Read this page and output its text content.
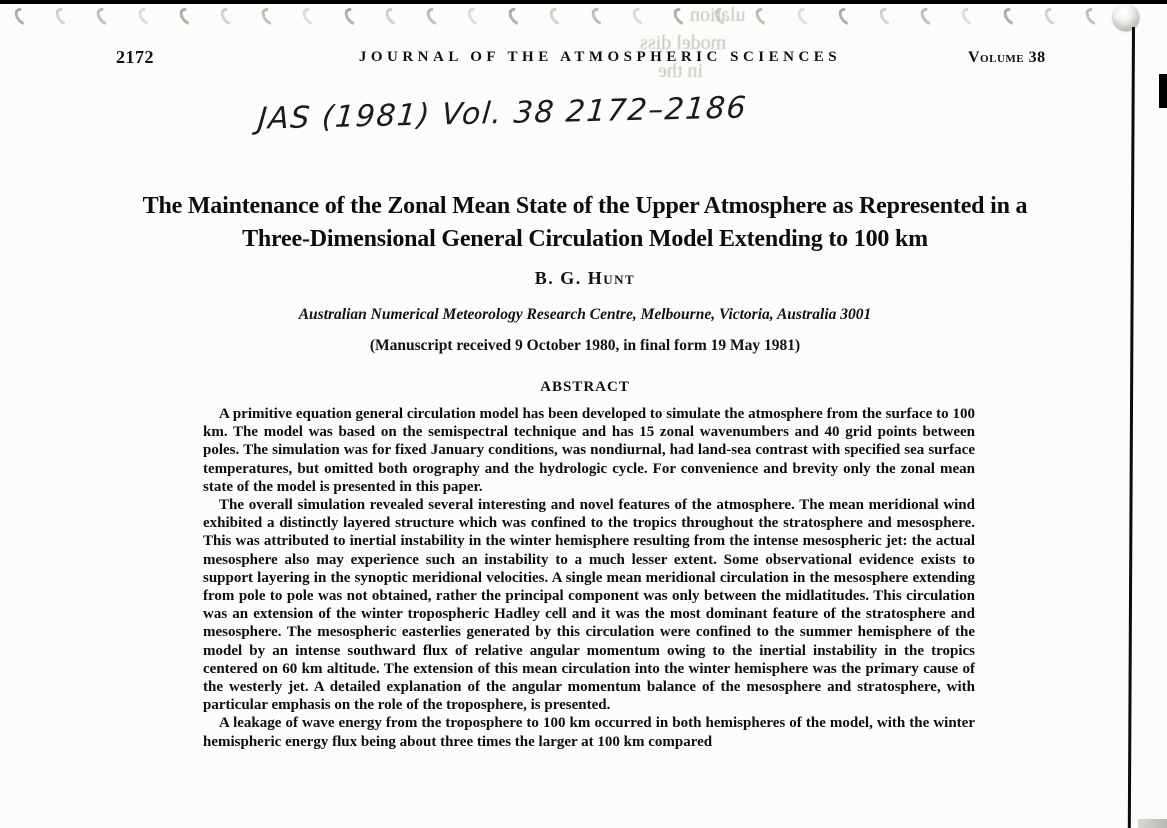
ulation
model diss
in the
2172	JOURNAL OF THE ATMOSPHERIC SCIENCES	Volume 38
JAS (1981) Vol. 38 2172–2186
The Maintenance of the Zonal Mean State of the Upper Atmosphere as Represented in a
Three-Dimensional General Circulation Model Extending to 100 km
B. G. Hunt
Australian Numerical Meteorology Research Centre, Melbourne, Victoria, Australia 3001
(Manuscript received 9 October 1980, in final form 19 May 1981)
ABSTRACT

A primitive equation general circulation model has been developed to simulate the atmosphere from the surface to 100 km. The model was based on the semispectral technique and has 15 zonal wavenumbers and 40 grid points between poles. The simulation was for fixed January conditions, was nondiurnal, had land-sea contrast with specified sea surface temperatures, but omitted both orography and the hydrologic cycle. For convenience and brevity only the zonal mean state of the model is presented in this paper.

The overall simulation revealed several interesting and novel features of the atmosphere. The mean meridional wind exhibited a distinctly layered structure which was confined to the tropics throughout the stratosphere and mesosphere. This was attributed to inertial instability in the winter hemisphere resulting from the intense mesospheric jet: the actual mesosphere also may experience such an instability to a much lesser extent. Some observational evidence exists to support layering in the synoptic meridional velocities. A single mean meridional circulation in the mesosphere extending from pole to pole was not obtained, rather the principal component was only between the midlatitudes. This circulation was an extension of the winter tropospheric Hadley cell and it was the most dominant feature of the stratosphere and mesosphere. The mesospheric easterlies generated by this circulation were confined to the summer hemisphere of the model by an intense southward flux of relative angular momentum owing to the inertial instability in the tropics centered on 60 km altitude. The extension of this mean circulation into the winter hemisphere was the primary cause of the westerly jet. A detailed explanation of the angular momentum balance of the mesosphere and stratosphere, with particular emphasis on the role of the troposphere, is presented.

A leakage of wave energy from the troposphere to 100 km occurred in both hemispheres of the model, with the winter hemispheric energy flux being about three times the larger at 100 km compared
